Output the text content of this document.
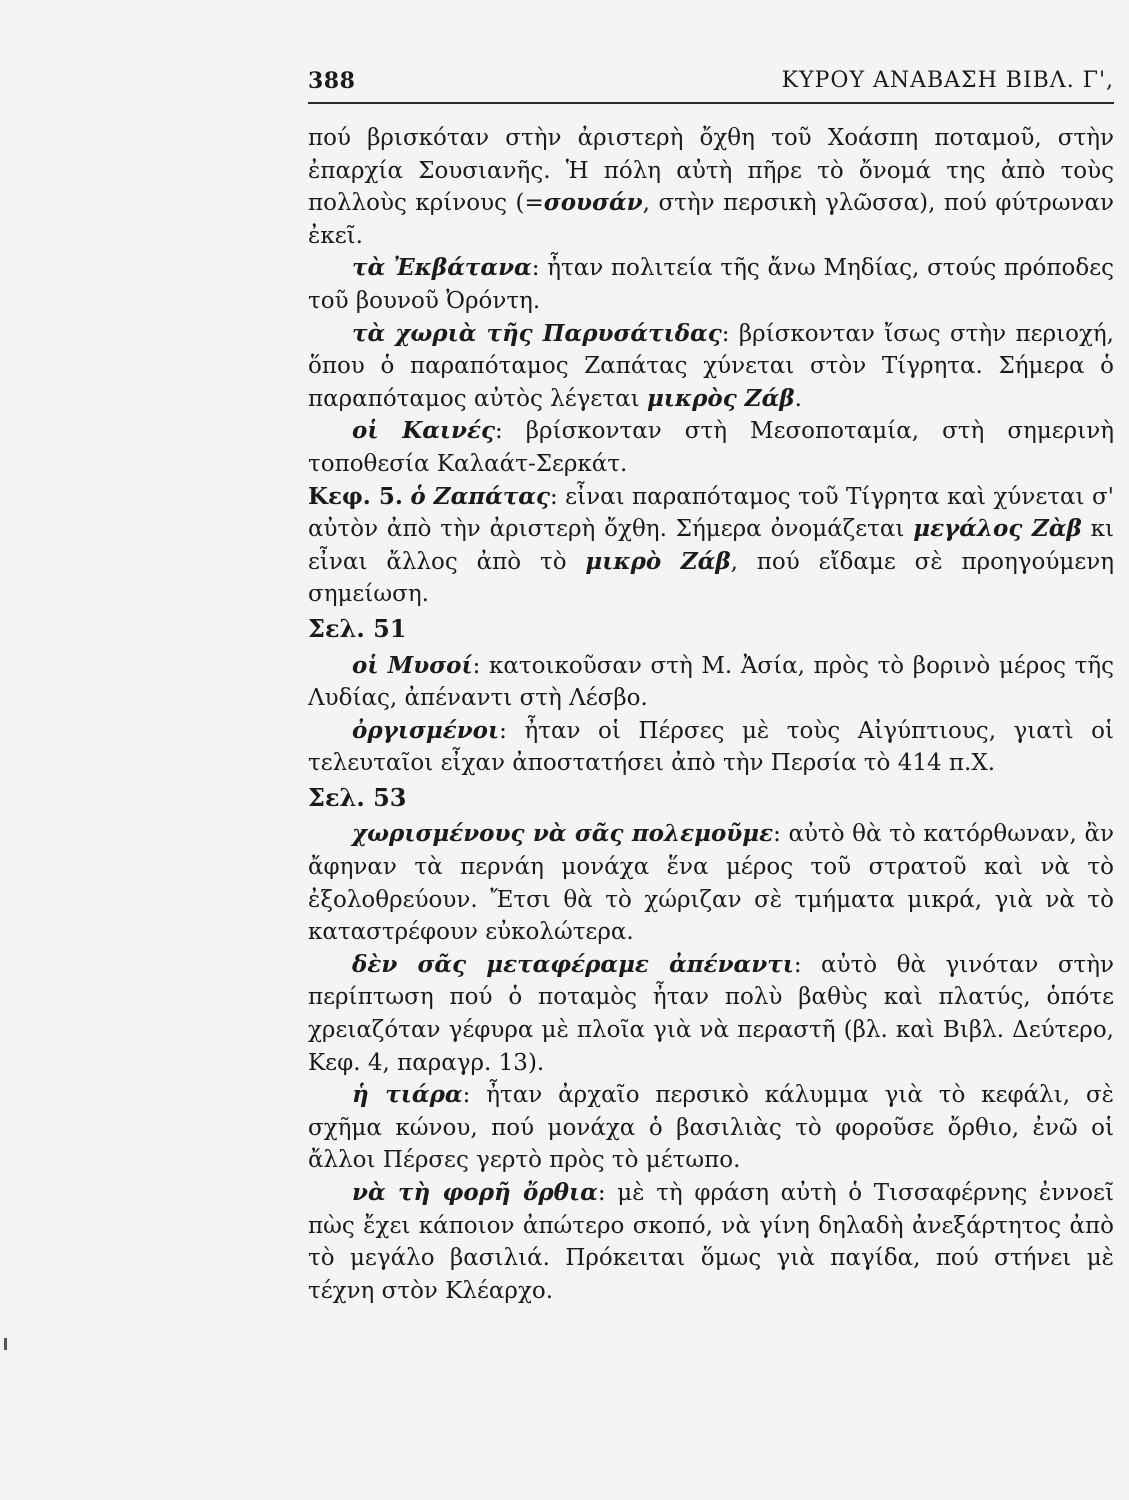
388	ΚΥΡΟΥ ΑΝΑΒΑΣΗ ΒΙΒΛ. Γ',

πού βρισκόταν στὴν ἀριστερὴ ὄχθη τοῦ Χοάσπη ποταμοῦ, στὴν ἐπαρχία Σουσιανῆς. Ἡ πόλη αὐτὴ πῆρε τὸ ὄνομά της ἀπὸ τοὺς πολλοὺς κρίνους (=σουσάν, στὴν περσικὴ γλῶσσα), πού φύτρωναν ἐκεῖ.

τὰ Ἐκβάτανα: ἦταν πολιτεία τῆς ἄνω Μηδίας, στούς πρόποδες τοῦ βουνοῦ Ὀρόντη.

τὰ χωριὰ τῆς Παρυσάτιδας: βρίσκονταν ἴσως στὴν περιοχή, ὅπου ὁ παραπόταμος Ζαπάτας χύνεται στὸν Τίγρητα. Σήμερα ὁ παραπόταμος αὐτὸς λέγεται μικρὸς Ζάβ.

οἱ Καινές: βρίσκονταν στὴ Μεσοποταμία, στὴ σημερινὴ τοποθεσία Καλαάτ-Σερκάτ.

Κεφ. 5. ὁ Ζαπάτας: εἶναι παραπόταμος τοῦ Τίγρητα καὶ χύνεται σ' αὐτὸν ἀπὸ τὴν ἀριστερὴ ὄχθη. Σήμερα ὀνομάζεται μεγάλος Ζὰβ κι εἶναι ἄλλος ἀπὸ τὸ μικρὸ Ζάβ, πού εἴδαμε σὲ προηγούμενη σημείωση.

Σελ. 51

οἱ Μυσοί: κατοικοῦσαν στὴ Μ. Ἀσία, πρὸς τὸ βορινὸ μέρος τῆς Λυδίας, ἀπέναντι στὴ Λέσβο.

ὀργισμένοι: ἦταν οἱ Πέρσες μὲ τοὺς Αἰγύπτιους, γιατὶ οἱ τελευταῖοι εἶχαν ἀποστατήσει ἀπὸ τὴν Περσία τὸ 414 π.Χ.

Σελ. 53

χωρισμένους νὰ σᾶς πολεμοῦμε: αὐτὸ θὰ τὸ κατόρθωναν, ἂν ἄφηναν τὰ περνάη μονάχα ἕνα μέρος τοῦ στρατοῦ καὶ νὰ τὸ ἐξολοθρεύουν. Ἔτσι θὰ τὸ χώριζαν σὲ τμήματα μικρά, γιὰ νὰ τὸ καταστρέφουν εὐκολώτερα.

δὲν σᾶς μεταφέραμε ἀπέναντι: αὐτὸ θὰ γινόταν στὴν περίπτωση πού ὁ ποταμὸς ἦταν πολὺ βαθὺς καὶ πλατύς, ὁπότε χρειαζόταν γέφυρα μὲ πλοῖα γιὰ νὰ περαστῆ (βλ. καὶ Βιβλ. Δεύτερο, Κεφ. 4, παραγρ. 13).

ἡ τιάρα: ἦταν ἀρχαῖο περσικὸ κάλυμμα γιὰ τὸ κεφάλι, σὲ σχῆμα κώνου, πού μονάχα ὁ βασιλιὰς τὸ φοροῦσε ὄρθιο, ἐνῶ οἱ ἄλλοι Πέρσες γερτὸ πρὸς τὸ μέτωπο.

νὰ τὴ φορῆ ὄρθια: μὲ τὴ φράση αὐτὴ ὁ Τισσαφέρνης ἐννοεῖ πὼς ἔχει κάποιον ἀπώτερο σκοπό, νὰ γίνη δηλαδὴ ἀνεξάρτητος ἀπὸ τὸ μεγάλο βασιλιά. Πρόκειται ὅμως γιὰ παγίδα, πού στήνει μὲ τέχνη στὸν Κλέαρχο.
